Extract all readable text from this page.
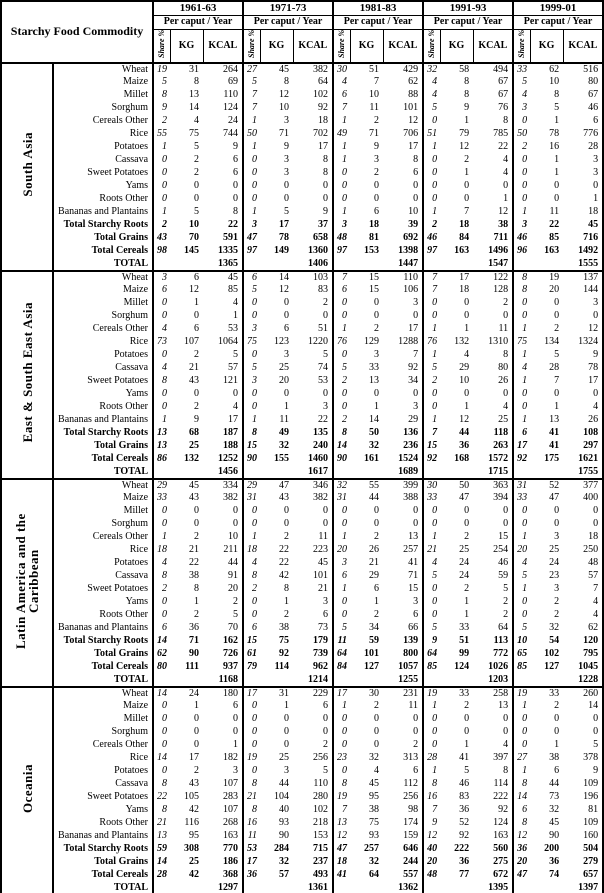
Starchy Food Commodity		1961-63			1971-73			1981-83			1991-93			1999-01		
		Per caput / Year			Per caput / Year			Per caput / Year			Per caput / Year			Per caput / Year		
		Share %	KG	KCAL	Share %	KG	KCAL	Share %	KG	KCAL	Share %	KG	KCAL	Share %	KG	KCAL
South Asia	Wheat	19	31	264	27	45	382	30	51	429	32	58	494	33	62	516
	Maize	5	8	69	5	8	64	4	7	62	4	8	67	5	10	80
	Millet	8	13	110	7	12	102	6	10	88	4	8	67	4	8	67
	Sorghum	9	14	124	7	10	92	7	11	101	5	9	76	3	5	46
	Cereals Other	2	4	24	1	3	18	1	2	12	0	1	8	0	1	6
	Rice	55	75	744	50	71	702	49	71	706	51	79	785	50	78	776
	Potatoes	1	5	9	1	9	17	1	9	17	1	12	22	2	16	28
	Cassava	0	2	6	0	3	8	1	3	8	0	2	4	0	1	3
	Sweet Potatoes	0	2	6	0	3	8	0	2	6	0	1	4	0	1	3
	Yams	0	0	0	0	0	0	0	0	0	0	0	0	0	0	0
	Roots Other	0	0	0	0	0	0	0	0	0	0	0	1	0	0	1
	Bananas and Plantains	1	5	8	1	5	9	1	6	10	1	7	12	1	11	18
	Total Starchy Roots	2	10	22	3	17	37	3	18	39	2	18	38	3	22	45
	Total Grains	43	70	591	47	78	658	48	81	692	46	84	711	46	85	716
	Total Cereals	98	145	1335	97	149	1360	97	153	1398	97	163	1496	96	163	1492
	TOTAL			1365			1406			1447			1547			1555
East & South East Asia	Wheat	3	6	45	6	14	103	7	15	110	7	17	122	8	19	137
	Maize	6	12	85	5	12	83	6	15	106	7	18	128	8	20	144
	Millet	0	1	4	0	0	2	0	0	3	0	0	2	0	0	3
	Sorghum	0	0	1	0	0	0	0	0	0	0	0	0	0	0	0
	Cereals Other	4	6	53	3	6	51	1	2	17	1	1	11	1	2	12
	Rice	73	107	1064	75	123	1220	76	129	1288	76	132	1310	75	134	1324
	Potatoes	0	2	5	0	3	5	0	3	7	1	4	8	1	5	9
	Cassava	4	21	57	5	25	74	5	33	92	5	29	80	4	28	78
	Sweet Potatoes	8	43	121	3	20	53	2	13	34	2	10	26	1	7	17
	Yams	0	0	0	0	0	0	0	0	0	0	0	0	0	0	0
	Roots Other	0	2	4	0	1	3	0	1	3	0	1	4	0	1	4
	Bananas and Plantains	1	9	17	1	11	22	2	14	29	1	12	25	1	13	26
	Total Starchy Roots	13	68	187	8	49	135	8	50	136	7	44	118	6	41	108
	Total Grains	13	25	188	15	32	240	14	32	236	15	36	263	17	41	297
	Total Cereals	86	132	1252	90	155	1460	90	161	1524	92	168	1572	92	175	1621
	TOTAL			1456			1617			1689			1715			1755
Latin America and the Caribbean	Wheat	29	45	334	29	47	346	32	55	399	30	50	363	31	52	377
	Maize	33	43	382	31	43	382	31	44	388	33	47	394	33	47	400
	Millet	0	0	0	0	0	0	0	0	0	0	0	0	0	0	0
	Sorghum	0	0	0	0	0	0	0	0	0	0	0	0	0	0	0
	Cereals Other	1	2	10	1	2	11	1	2	13	1	2	15	1	3	18
	Rice	18	21	211	18	22	223	20	26	257	21	25	254	20	25	250
	Potatoes	4	22	44	4	22	45	3	21	41	4	24	46	4	24	48
	Cassava	8	38	91	8	42	101	6	29	71	5	24	59	5	23	57
	Sweet Potatoes	2	8	20	2	8	21	1	6	15	0	2	5	1	3	7
	Yams	0	1	2	0	1	3	0	1	3	0	1	2	0	2	4
	Roots Other	0	2	5	0	2	6	0	2	6	0	1	2	0	2	4
	Bananas and Plantains	6	36	70	6	38	73	5	34	66	5	33	64	5	32	62
	Total Starchy Roots	14	71	162	15	75	179	11	59	139	9	51	113	10	54	120
	Total Grains	62	90	726	61	92	739	64	101	800	64	99	772	65	102	795
	Total Cereals	80	111	937	79	114	962	84	127	1057	85	124	1026	85	127	1045
	TOTAL			1168			1214			1255			1203			1228
Oceania	Wheat	14	24	180	17	31	229	17	30	231	19	33	258	19	33	260
	Maize	0	1	6	0	1	6	1	2	11	1	2	13	1	2	14
	Millet	0	0	0	0	0	0	0	0	0	0	0	0	0	0	0
	Sorghum	0	0	0	0	0	0	0	0	0	0	0	0	0	0	0
	Cereals Other	0	0	1	0	0	2	0	0	2	0	1	4	0	1	5
	Rice	14	17	182	19	25	256	23	32	313	28	41	397	27	38	378
	Potatoes	0	2	3	0	3	5	0	4	6	1	5	8	1	6	9
	Cassava	8	43	107	8	44	110	8	45	112	8	46	114	8	44	109
	Sweet Potatoes	22	105	283	21	104	280	19	95	256	16	83	222	14	73	196
	Yams	8	42	107	8	40	102	7	38	98	7	36	92	6	32	81
	Roots Other	21	116	268	16	93	218	13	75	174	9	52	124	8	45	109
	Bananas and Plantains	13	95	163	11	90	153	12	93	159	12	92	163	12	90	160
	Total Starchy Roots	59	308	770	53	284	715	47	257	646	40	222	560	36	200	504
	Total Grains	14	25	186	17	32	237	18	32	244	20	36	275	20	36	279
	Total Cereals	28	42	368	36	57	493	41	64	557	48	77	672	47	74	657
	TOTAL			1297			1361			1362			1395			1397
